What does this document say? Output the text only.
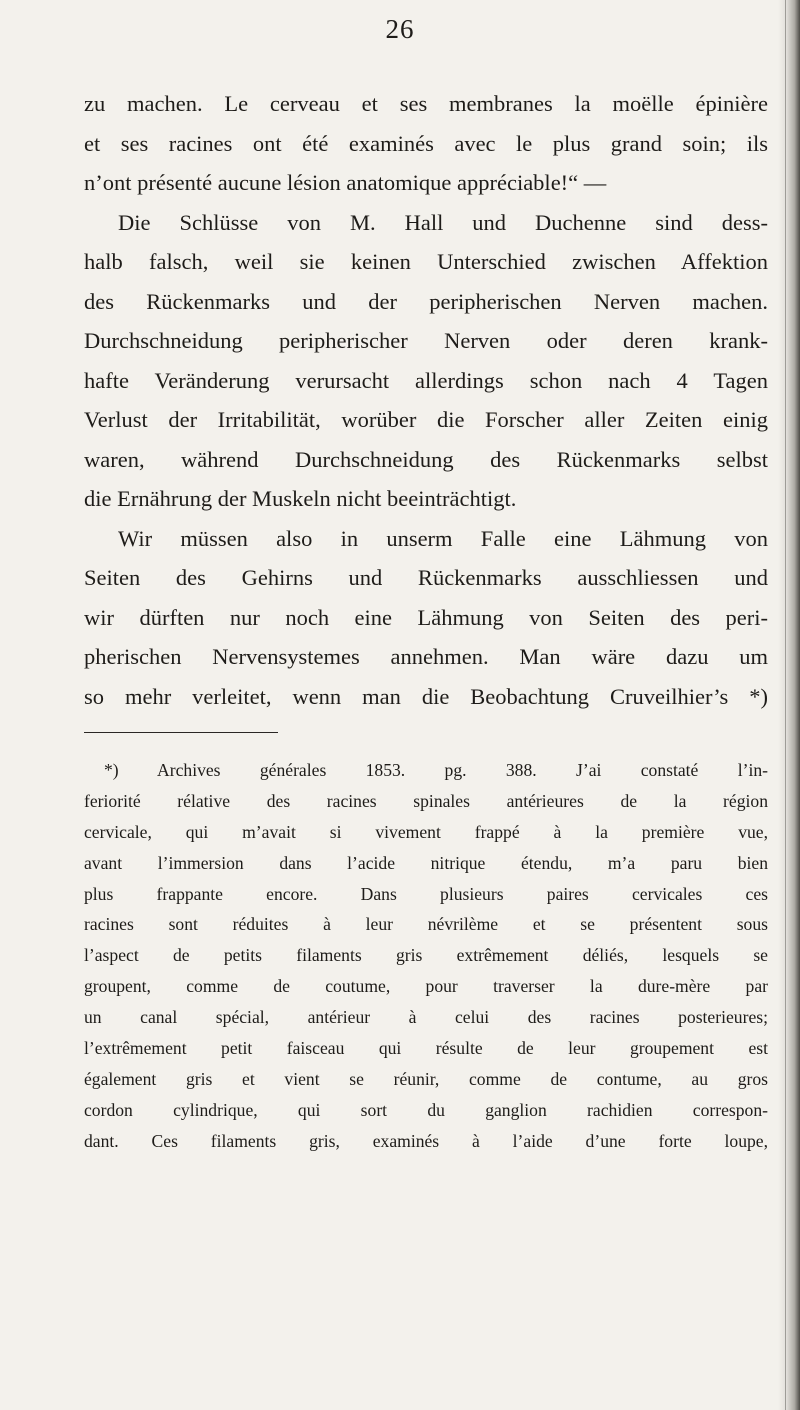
26
zu machen. Le cerveau et ses membranes la moëlle épinière
et ses racines ont été examinés avec le plus grand soin; ils
n’ont présenté aucune lésion anatomique appréciable!“ —
Die Schlüsse von M. Hall und Duchenne sind dess-
halb falsch, weil sie keinen Unterschied zwischen Affektion
des Rückenmarks und der peripherischen Nerven machen.
Durchschneidung peripherischer Nerven oder deren krank-
hafte Veränderung verursacht allerdings schon nach 4 Tagen
Verlust der Irritabilität, worüber die Forscher aller Zeiten einig
waren, während Durchschneidung des Rückenmarks selbst
die Ernährung der Muskeln nicht beeinträchtigt.
Wir müssen also in unserm Falle eine Lähmung von
Seiten des Gehirns und Rückenmarks ausschliessen und
wir dürften nur noch eine Lähmung von Seiten des peri-
pherischen Nervensystemes annehmen. Man wäre dazu um
so mehr verleitet, wenn man die Beobachtung Cruveilhier’s *)
*) Archives générales 1853. pg. 388. J’ai constaté l’in-
feriorité rélative des racines spinales antérieures de la région
cervicale, qui m’avait si vivement frappé à la première vue,
avant l’immersion dans l’acide nitrique étendu, m’a paru bien
plus frappante encore. Dans plusieurs paires cervicales ces
racines sont réduites à leur névrilème et se présentent sous
l’aspect de petits filaments gris extrêmement déliés, lesquels se
groupent, comme de coutume, pour traverser la dure-mère par
un canal spécial, antérieur à celui des racines posterieures;
l’extrêmement petit faisceau qui résulte de leur groupement est
également gris et vient se réunir, comme de contume, au gros
cordon cylindrique, qui sort du ganglion rachidien correspon-
dant. Ces filaments gris, examinés à l’aide d’une forte loupe,
